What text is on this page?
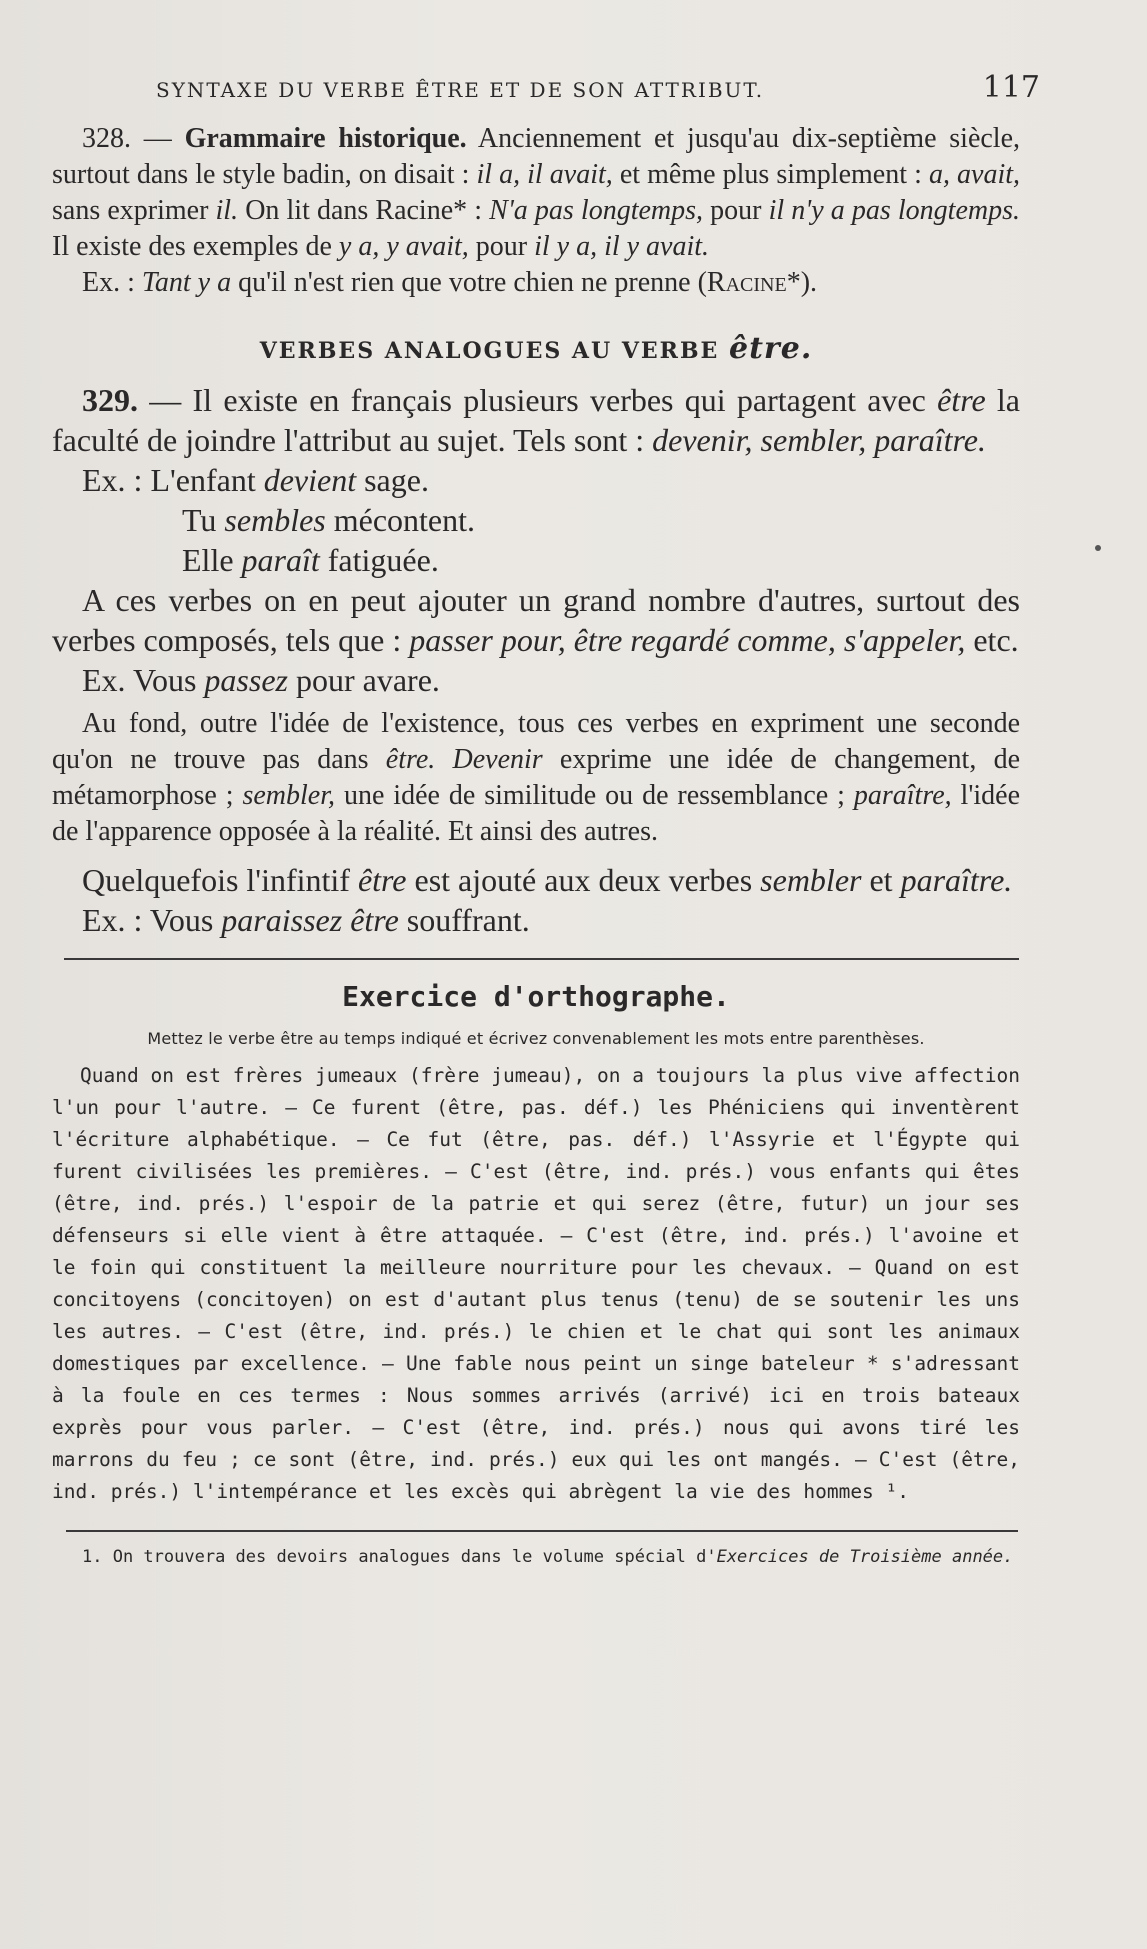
SYNTAXE DU VERBE ÊTRE ET DE SON ATTRIBUT.	117

328. — Grammaire historique. Anciennement et jusqu'au dix-septième siècle, surtout dans le style badin, on disait : il a, il avait, et même plus simplement : a, avait, sans exprimer il. On lit dans Racine* : N'a pas longtemps, pour il n'y a pas longtemps. Il existe des exemples de y a, y avait, pour il y a, il y avait.

Ex. : Tant y a qu'il n'est rien que votre chien ne prenne (Racine*).

VERBES ANALOGUES AU VERBE être.

329. — Il existe en français plusieurs verbes qui partagent avec être la faculté de joindre l'attribut au sujet. Tels sont : devenir, sembler, paraître.

Ex. : L'enfant devient sage.

Tu sembles mécontent.

Elle paraît fatiguée.

A ces verbes on en peut ajouter un grand nombre d'autres, surtout des verbes composés, tels que : passer pour, être regardé comme, s'appeler, etc.

Ex. Vous passez pour avare.

Au fond, outre l'idée de l'existence, tous ces verbes en expriment une seconde qu'on ne trouve pas dans être. Devenir exprime une idée de changement, de métamorphose ; sembler, une idée de similitude ou de ressemblance ; paraître, l'idée de l'apparence opposée à la réalité. Et ainsi des autres.

Quelquefois l'infintif être est ajouté aux deux verbes sembler et paraître.

Ex. : Vous paraissez être souffrant.

Exercice d'orthographe.
Mettez le verbe être au temps indiqué et écrivez convenablement les mots entre parenthèses.

Quand on est frères jumeaux (frère jumeau), on a toujours la plus vive affection l'un pour l'autre. — Ce furent (être, pas. déf.) les Phéniciens qui inventèrent l'écriture alphabétique. — Ce fut (être, pas. déf.) l'Assyrie et l'Égypte qui furent civilisées les premières. — C'est (être, ind. prés.) vous enfants qui êtes (être, ind. prés.) l'espoir de la patrie et qui serez (être, futur) un jour ses défenseurs si elle vient à être attaquée. — C'est (être, ind. prés.) l'avoine et le foin qui constituent la meilleure nourriture pour les chevaux. — Quand on est concitoyens (concitoyen) on est d'autant plus tenus (tenu) de se soutenir les uns les autres. — C'est (être, ind. prés.) le chien et le chat qui sont les animaux domestiques par excellence. — Une fable nous peint un singe bateleur * s'adressant à la foule en ces termes : Nous sommes arrivés (arrivé) ici en trois bateaux exprès pour vous parler. — C'est (être, ind. prés.) nous qui avons tiré les marrons du feu ; ce sont (être, ind. prés.) eux qui les ont mangés. — C'est (être, ind. prés.) l'intempérance et les excès qui abrègent la vie des hommes ¹.

1. On trouvera des devoirs analogues dans le volume spécial d'Exercices de Troisième année.
